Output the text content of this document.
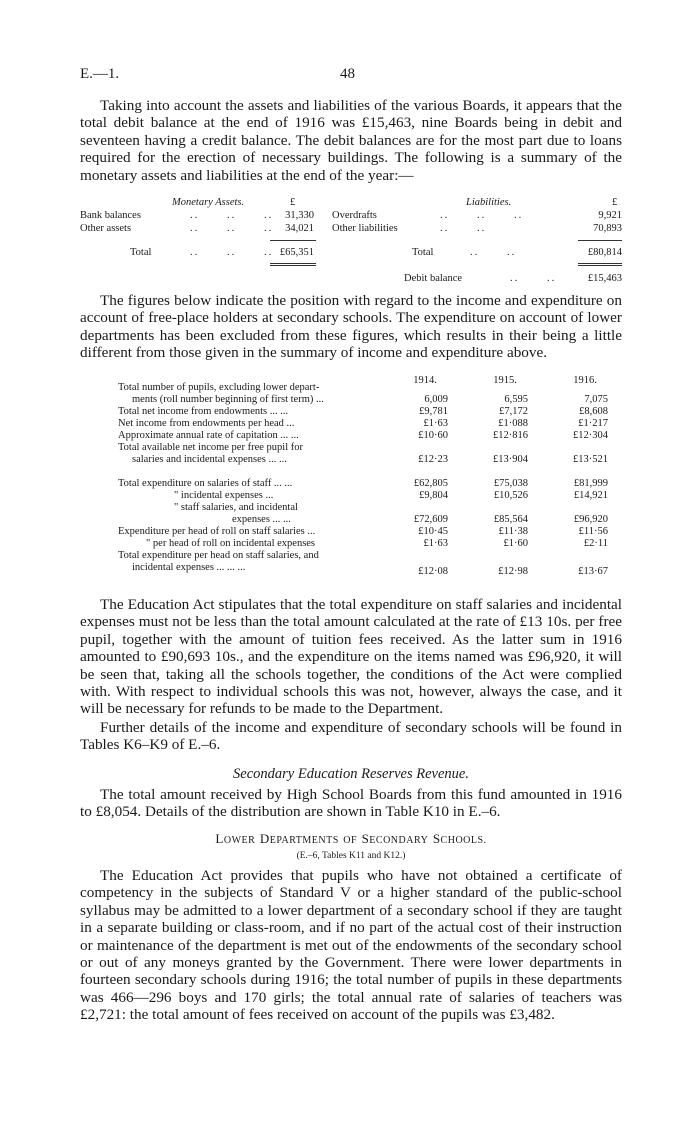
E.—1.	48

Taking into account the assets and liabilities of the various Boards, it appears that the total debit balance at the end of 1916 was £15,463, nine Boards being in debit and seventeen having a credit balance. The debit balances are for the most part due to loans required for the erection of necessary buildings. The following is a summary of the monetary assets and liabilities at the end of the year:—

Monetary Assets.	Liabilities.
£	£
Bank balances	..      ..      ..	31,330
Other assets	..      ..      ..	34,021
Overdrafts	..      ..      ..	9,921
Other liabilities	..      ..	70,893
Total	..      ..      .. £65,351	Total	..      ..	£80,814
Debit balance	..      ..	£15,463

The figures below indicate the position with regard to the income and expenditure on account of free-place holders at secondary schools. The expenditure on account of lower departments has been excluded from these figures, which results in their being a little different from those given in the summary of income and expenditure above.

1914.	1915.	1916.
Total number of pupils, excluding lower depart-
ments (roll number beginning of first term) ...	6,009	6,595	7,075
Total net income from endowments ... ...	£9,781	£7,172	£8,608
Net income from endowments per head ...	£1·63	£1·088	£1·217
Approximate annual rate of capitation ... ...	£10·60	£12·816	£12·304
Total available net income per free pupil for
salaries and incidental expenses ... ...	£12·23	£13·904	£13·521
Total expenditure on salaries of staff ... ...	£62,805	£75,038	£81,999
" incidental expenses ...	£9,804	£10,526	£14,921
" staff salaries, and incidental
expenses ... ...	£72,609	£85,564	£96,920
Expenditure per head of roll on staff salaries ...	£10·45	£11·38	£11·56
" per head of roll on incidental expenses	£1·63	£1·60	£2·11
Total expenditure per head on staff salaries, and
incidental expenses ... ... ...	£12·08	£12·98	£13·67

The Education Act stipulates that the total expenditure on staff salaries and incidental expenses must not be less than the total amount calculated at the rate of £13 10s. per free pupil, together with the amount of tuition fees received. As the latter sum in 1916 amounted to £90,693 10s., and the expenditure on the items named was £96,920, it will be seen that, taking all the schools together, the conditions of the Act were complied with. With respect to individual schools this was not, however, always the case, and it will be necessary for refunds to be made to the Department.

Further details of the income and expenditure of secondary schools will be found in Tables K6–K9 of E.–6.

Secondary Education Reserves Revenue.

The total amount received by High School Boards from this fund amounted in 1916 to £8,054. Details of the distribution are shown in Table K10 in E.–6.

LOWER DEPARTMENTS OF SECONDARY SCHOOLS.
(E.–6, Tables K11 and K12.)

The Education Act provides that pupils who have not obtained a certificate of competency in the subjects of Standard V or a higher standard of the public-school syllabus may be admitted to a lower department of a secondary school if they are taught in a separate building or class-room, and if no part of the actual cost of their instruction or maintenance of the department is met out of the endowments of the secondary school or out of any moneys granted by the Government. There were lower departments in fourteen secondary schools during 1916; the total number of pupils in these departments was 466—296 boys and 170 girls; the total annual rate of salaries of teachers was £2,721: the total amount of fees received on account of the pupils was £3,482.
